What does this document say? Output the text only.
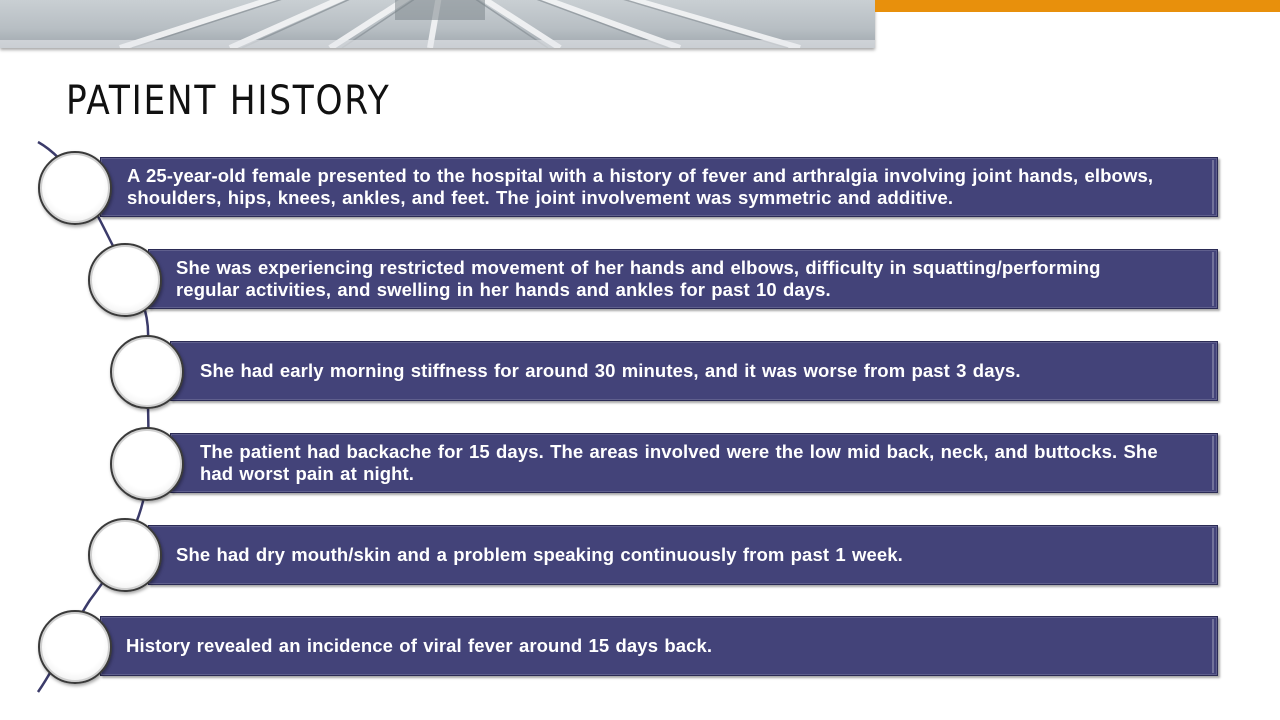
PATIENT HISTORY
A 25-year-old female presented to the hospital with a history of fever and arthralgia involving joint hands, elbows, shoulders, hips, knees, ankles, and feet. The joint involvement was symmetric and additive.
She was experiencing restricted movement of her hands and elbows, difficulty in squatting/performing regular activities, and swelling in her hands and ankles for past 10 days.
She had early morning stiffness for around 30 minutes, and it was worse from past 3 days.
The patient had backache for 15 days. The areas involved were the low mid back, neck, and buttocks. She had worst pain at night.
She had dry mouth/skin and a problem speaking continuously from past 1 week.
History revealed an incidence of viral fever around 15 days back.
